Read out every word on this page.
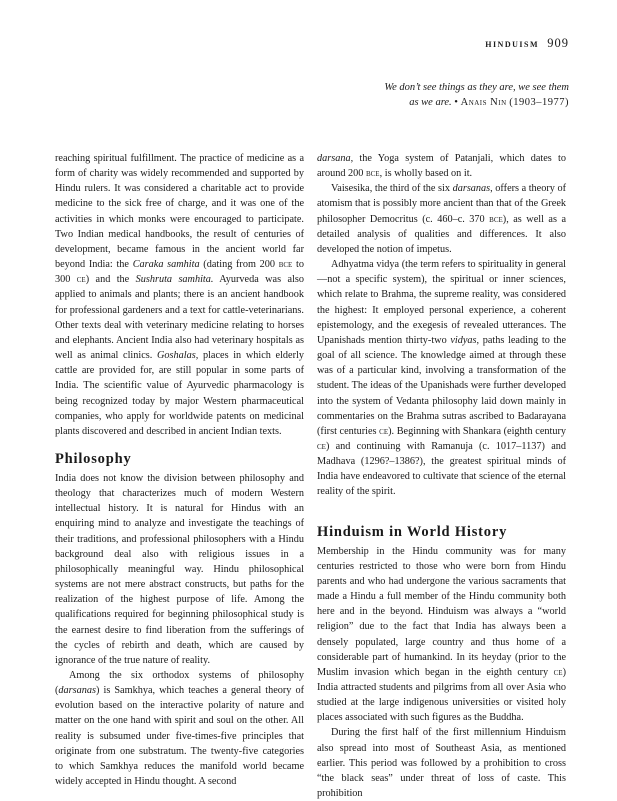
hinduism 909
We don’t see things as they are, we see them
as we are. • Anais Nin (1903–1977)

reaching spiritual fulfillment. The practice of medicine as a form of charity was widely recommended and supported by Hindu rulers. It was considered a charitable act to provide medicine to the sick free of charge, and it was one of the activities in which monks were encouraged to participate. Two Indian medical handbooks, the result of centuries of development, became famous in the ancient world far beyond India: the Caraka samhita (dating from 200 bce to 300 ce) and the Sushruta samhita. Ayurveda was also applied to animals and plants; there is an ancient handbook for professional gardeners and a text for cattle-veterinarians. Other texts deal with veterinary medicine relating to horses and elephants. Ancient India also had veterinary hospitals as well as animal clinics. Goshalas, places in which elderly cattle are provided for, are still popular in some parts of India. The scientific value of Ayurvedic pharmacology is being recognized today by major Western pharmaceutical companies, who apply for worldwide patents on medicinal plants discovered and described in ancient Indian texts.

Philosophy

India does not know the division between philosophy and theology that characterizes much of modern Western intellectual history. It is natural for Hindus with an enquiring mind to analyze and investigate the teachings of their traditions, and professional philosophers with a Hindu background deal also with religious issues in a philosophically meaningful way. Hindu philosophical systems are not mere abstract constructs, but paths for the realization of the highest purpose of life. Among the qualifications required for beginning philosophical study is the earnest desire to find liberation from the sufferings of the cycles of rebirth and death, which are caused by ignorance of the true nature of reality.

Among the six orthodox systems of philosophy (darsanas) is Samkhya, which teaches a general theory of evolution based on the interactive polarity of nature and matter on the one hand with spirit and soul on the other. All reality is subsumed under five-times-five principles that originate from one substratum. The twenty-five categories to which Samkhya reduces the manifold world became widely accepted in Hindu thought. A second

darsana, the Yoga system of Patanjali, which dates to around 200 bce, is wholly based on it.

Vaisesika, the third of the six darsanas, offers a theory of atomism that is possibly more ancient than that of the Greek philosopher Democritus (c. 460–c. 370 bce), as well as a detailed analysis of qualities and differences. It also developed the notion of impetus.

Adhyatma vidya (the term refers to spirituality in general—not a specific system), the spiritual or inner sciences, which relate to Brahma, the supreme reality, was considered the highest: It employed personal experience, a coherent epistemology, and the exegesis of revealed utterances. The Upanishads mention thirty-two vidyas, paths leading to the goal of all science. The knowledge aimed at through these was of a particular kind, involving a transformation of the student. The ideas of the Upanishads were further developed into the system of Vedanta philosophy laid down mainly in commentaries on the Brahma sutras ascribed to Badarayana (first centuries ce). Beginning with Shankara (eighth century ce) and continuing with Ramanuja (c. 1017–1137) and Madhava (1296?–1386?), the greatest spiritual minds of India have endeavored to cultivate that science of the eternal reality of the spirit.

Hinduism in World History

Membership in the Hindu community was for many centuries restricted to those who were born from Hindu parents and who had undergone the various sacraments that made a Hindu a full member of the Hindu community both here and in the beyond. Hinduism was always a “world religion” due to the fact that India has always been a densely populated, large country and thus home of a considerable part of humankind. In its heyday (prior to the Muslim invasion which began in the eighth century ce) India attracted students and pilgrims from all over Asia who studied at the large indigenous universities or visited holy places associated with such figures as the Buddha.

During the first half of the first millennium Hinduism also spread into most of Southeast Asia, as mentioned earlier. This period was followed by a prohibition to cross “the black seas” under threat of loss of caste. This prohibition
